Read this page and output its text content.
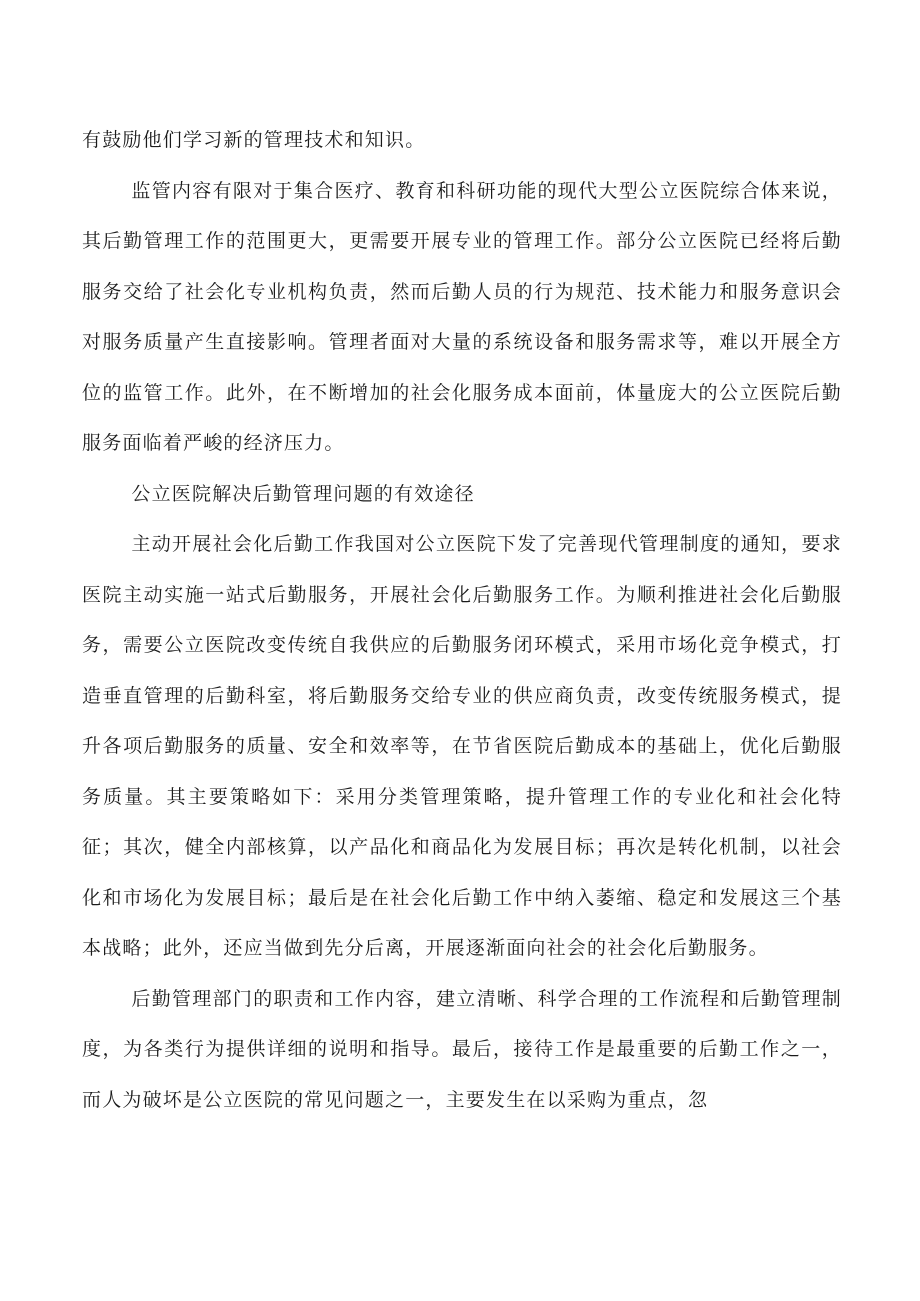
有鼓励他们学习新的管理技术和知识。

监管内容有限对于集合医疗、教育和科研功能的现代大型公立医院综合体来说，其后勤管理工作的范围更大，更需要开展专业的管理工作。部分公立医院已经将后勤服务交给了社会化专业机构负责，然而后勤人员的行为规范、技术能力和服务意识会对服务质量产生直接影响。管理者面对大量的系统设备和服务需求等，难以开展全方位的监管工作。此外，在不断增加的社会化服务成本面前，体量庞大的公立医院后勤服务面临着严峻的经济压力。

公立医院解决后勤管理问题的有效途径

主动开展社会化后勤工作我国对公立医院下发了完善现代管理制度的通知，要求医院主动实施一站式后勤服务，开展社会化后勤服务工作。为顺利推进社会化后勤服务，需要公立医院改变传统自我供应的后勤服务闭环模式，采用市场化竞争模式，打造垂直管理的后勤科室，将后勤服务交给专业的供应商负责，改变传统服务模式，提升各项后勤服务的质量、安全和效率等，在节省医院后勤成本的基础上，优化后勤服务质量。其主要策略如下：采用分类管理策略，提升管理工作的专业化和社会化特征；其次，健全内部核算，以产品化和商品化为发展目标；再次是转化机制，以社会化和市场化为发展目标；最后是在社会化后勤工作中纳入萎缩、稳定和发展这三个基本战略；此外，还应当做到先分后离，开展逐渐面向社会的社会化后勤服务。

后勤管理部门的职责和工作内容，建立清晰、科学合理的工作流程和后勤管理制度，为各类行为提供详细的说明和指导。最后，接待工作是最重要的后勤工作之一，而人为破坏是公立医院的常见问题之一，主要发生在以采购为重点，忽
